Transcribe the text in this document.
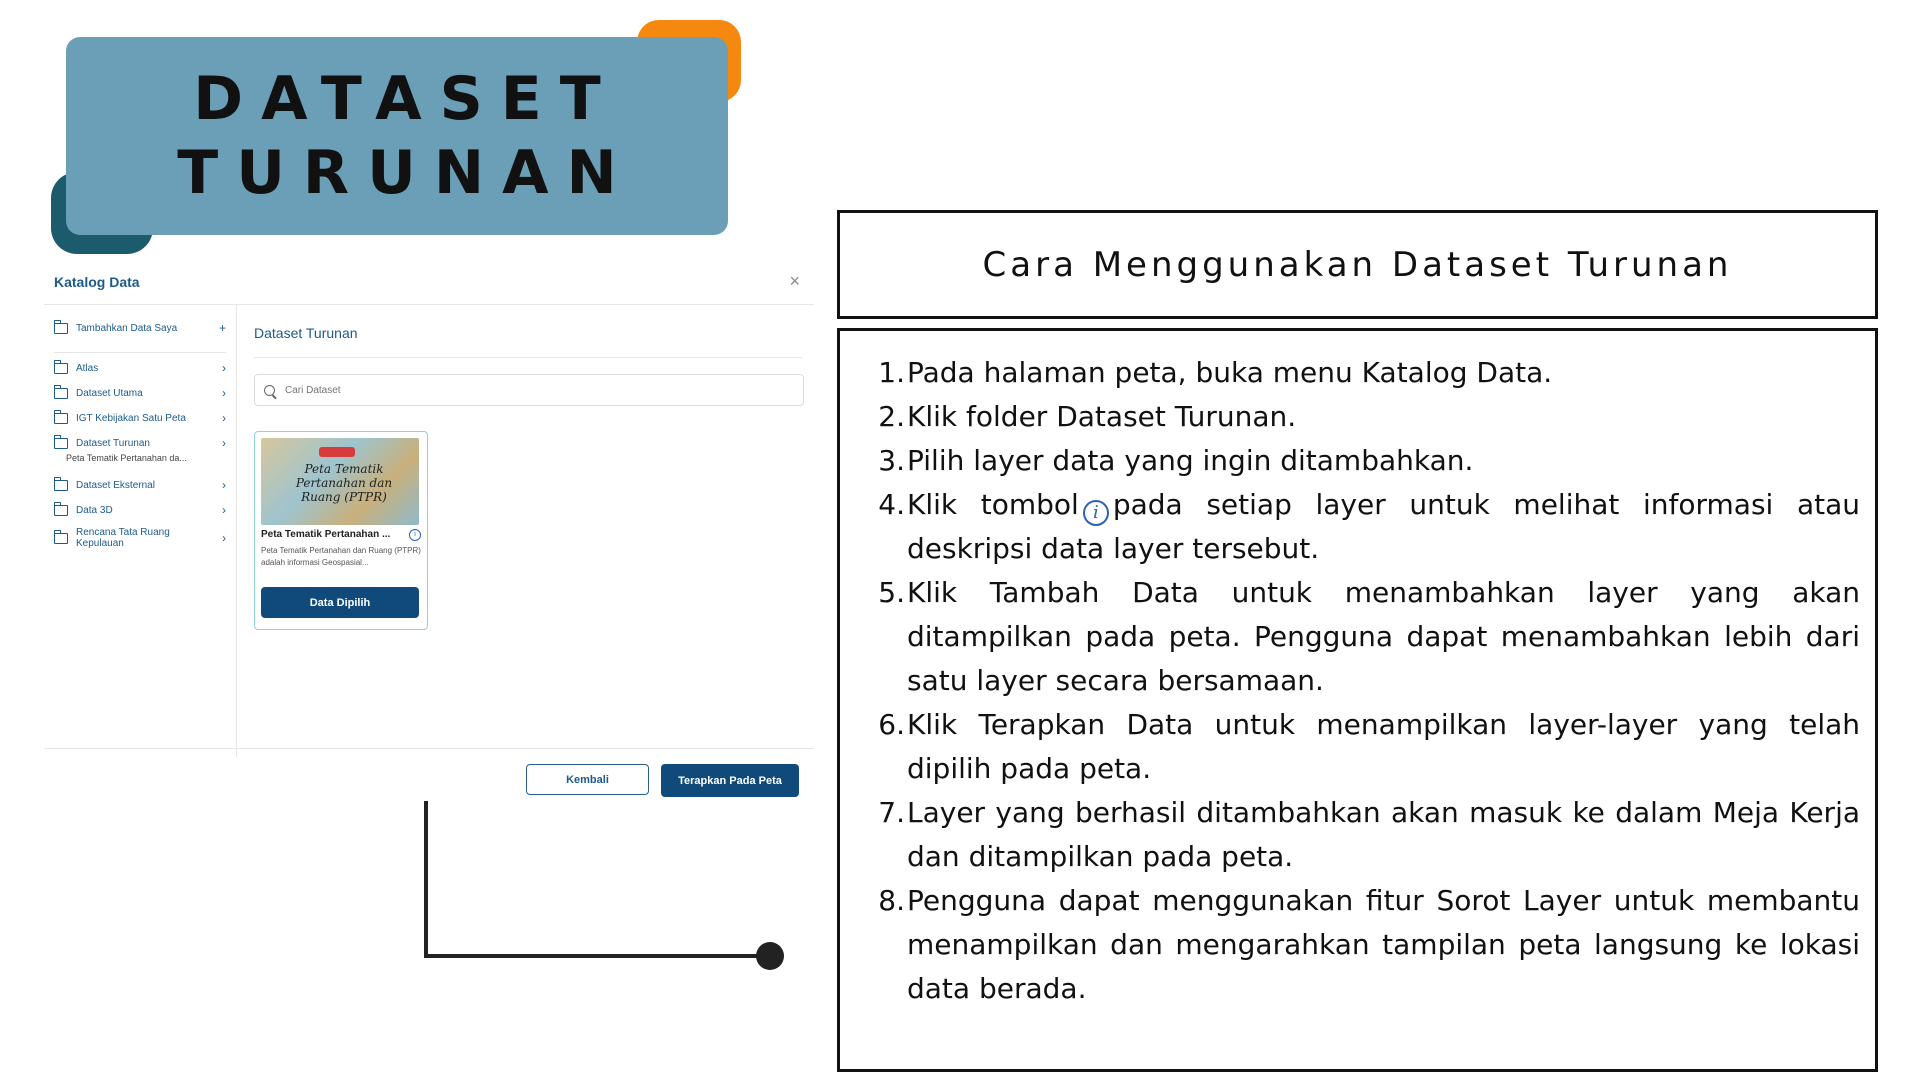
DATASET
TURUNAN
Katalog Data	×
Tambahkan Data Saya	+
Atlas	›
Dataset Utama	›
IGT Kebijakan Satu Peta	›
Dataset Turunan	›
Peta Tematik Pertanahan da...
Dataset Eksternal	›
Data 3D	›
Rencana Tata Ruang Kepulauan	›
Dataset Turunan
Cari Dataset
Peta Tematik Pertanahan dan Ruang (PTPR)
Peta Tematik Pertanahan ...	i
Peta Tematik Pertanahan dan Ruang (PTPR) adalah informasi Geospasial...
Data Dipilih
Kembali	Terapkan Pada Peta
Cara Menggunakan Dataset Turunan
1. Pada halaman peta, buka menu Katalog Data.
2. Klik folder Dataset Turunan.
3. Pilih layer data yang ingin ditambahkan.
4. Klik tombol i pada setiap layer untuk melihat informasi atau deskripsi data layer tersebut.
5. Klik Tambah Data untuk menambahkan layer yang akan ditampilkan pada peta. Pengguna dapat menambahkan lebih dari satu layer secara bersamaan.
6. Klik Terapkan Data untuk menampilkan layer-layer yang telah dipilih pada peta.
7. Layer yang berhasil ditambahkan akan masuk ke dalam Meja Kerja dan ditampilkan pada peta.
8. Pengguna dapat menggunakan fitur Sorot Layer untuk membantu menampilkan dan mengarahkan tampilan peta langsung ke lokasi data berada.
